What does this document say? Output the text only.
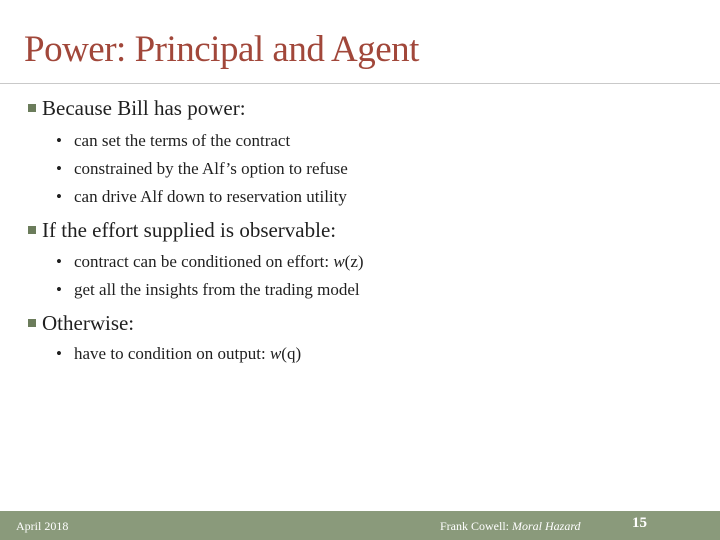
Power: Principal and Agent
Because Bill has power:
• can set the terms of the contract
• constrained by the Alf’s option to refuse
• can drive Alf down to reservation utility
If the effort supplied is observable:
• contract can be conditioned on effort: w(z)
• get all the insights from the trading model
Otherwise:
• have to condition on output: w(q)
April 2018	Frank Cowell: Moral Hazard	15
